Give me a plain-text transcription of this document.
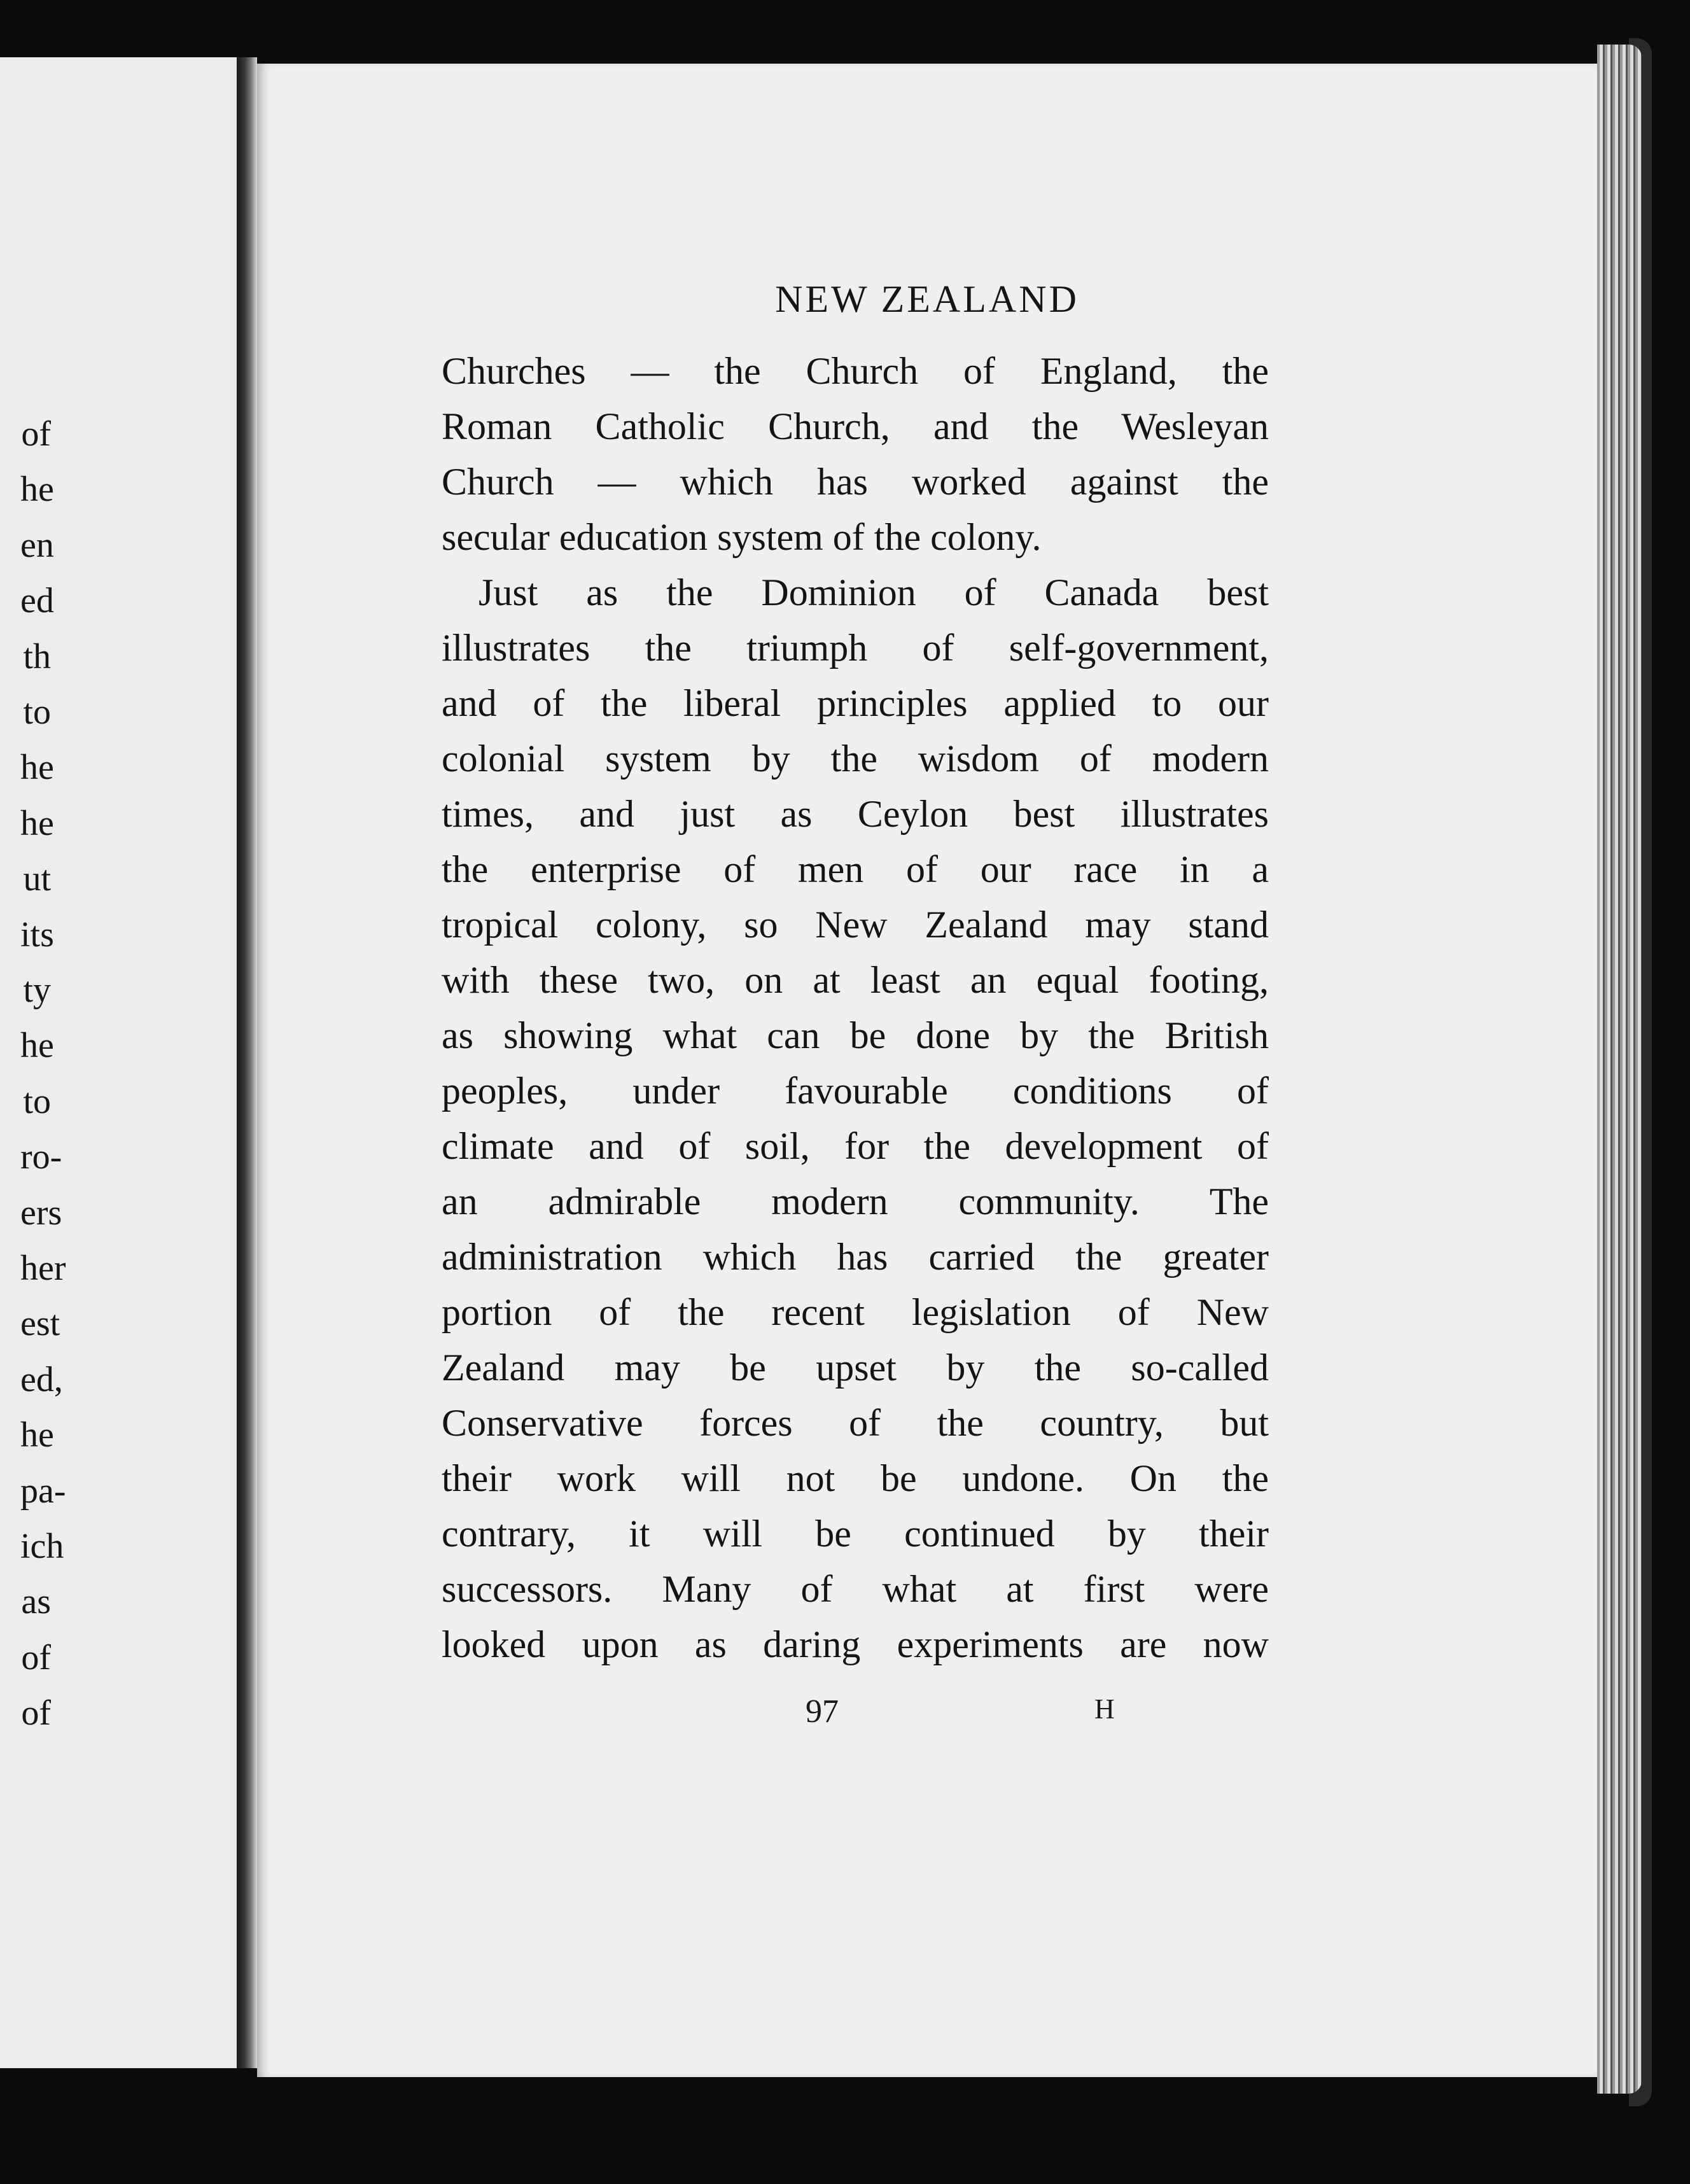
of
he
en
ed
th
to
he
he
ut
its
ty
he
to
ro-
ers
her
est
ed,
he
pa-
ich
as
of
of
NEW ZEALAND
Churches — the Church of England, the
Roman Catholic Church, and the Wesleyan
Church — which has worked against the
secular education system of the colony.
Just as the Dominion of Canada best
illustrates the triumph of self-government,
and of the liberal principles applied to our
colonial system by the wisdom of modern
times, and just as Ceylon best illustrates
the enterprise of men of our race in a
tropical colony, so New Zealand may stand
with these two, on at least an equal footing,
as showing what can be done by the British
peoples, under favourable conditions of
climate and of soil, for the development of
an admirable modern community. The
administration which has carried the greater
portion of the recent legislation of New
Zealand may be upset by the so-called
Conservative forces of the country, but
their work will not be undone. On the
contrary, it will be continued by their
successors. Many of what at first were
looked upon as daring experiments are now
97	H
